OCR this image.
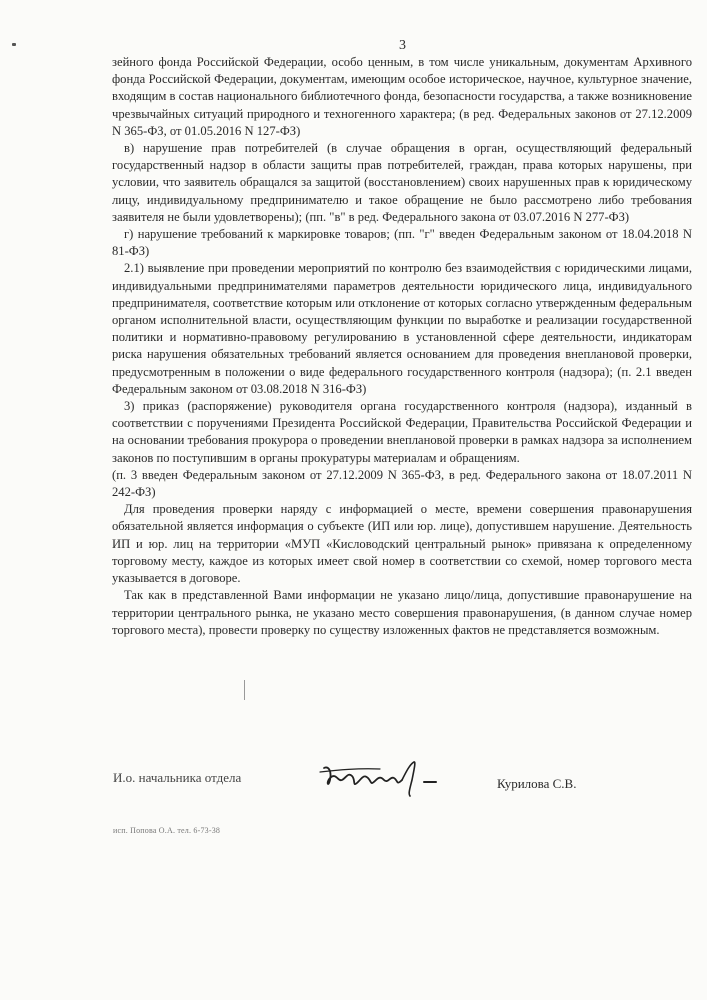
3

зейного фонда Российской Федерации, особо ценным, в том числе уникальным, документам Архивного фонда Российской Федерации, документам, имеющим особое историческое, научное, культурное значение, входящим в состав национального библиотечного фонда, безопасности государства, а также возникновение чрезвычайных ситуаций природного и техногенного характера; (в ред. Федеральных законов от 27.12.2009 N 365-ФЗ, от 01.05.2016 N 127-ФЗ)

в) нарушение прав потребителей (в случае обращения в орган, осуществляющий федеральный государственный надзор в области защиты прав потребителей, граждан, права которых нарушены, при условии, что заявитель обращался за защитой (восстановлением) своих нарушенных прав к юридическому лицу, индивидуальному предпринимателю и такое обращение не было рассмотрено либо требования заявителя не были удовлетворены); (пп. "в" в ред. Федерального закона от 03.07.2016 N 277-ФЗ)

г) нарушение требований к маркировке товаров; (пп. "г" введен Федеральным законом от 18.04.2018 N 81-ФЗ)

2.1) выявление при проведении мероприятий по контролю без взаимодействия с юридическими лицами, индивидуальными предпринимателями параметров деятельности юридического лица, индивидуального предпринимателя, соответствие которым или отклонение от которых согласно утвержденным федеральным органом исполнительной власти, осуществляющим функции по выработке и реализации государственной политики и нормативно-правовому регулированию в установленной сфере деятельности, индикаторам риска нарушения обязательных требований является основанием для проведения внеплановой проверки, предусмотренным в положении о виде федерального государственного контроля (надзора); (п. 2.1 введен Федеральным законом от 03.08.2018 N 316-ФЗ)

3) приказ (распоряжение) руководителя органа государственного контроля (надзора), изданный в соответствии с поручениями Президента Российской Федерации, Правительства Российской Федерации и на основании требования прокурора о проведении внеплановой проверки в рамках надзора за исполнением законов по поступившим в органы прокуратуры материалам и обращениям.

(п. 3 введен Федеральным законом от 27.12.2009 N 365-ФЗ, в ред. Федерального закона от 18.07.2011 N 242-ФЗ)

Для проведения проверки наряду с информацией о месте, времени совершения правонарушения обязательной является информация о субъекте (ИП или юр. лице), допустившем нарушение. Деятельность ИП и юр. лиц на территории «МУП «Кисловодский центральный рынок» привязана к определенному торговому месту, каждое из которых имеет свой номер в соответствии со схемой, номер торгового места указывается в договоре.

Так как в представленной Вами информации не указано лицо/лица, допустившие правонарушение на территории центрального рынка, не указано место совершения правонарушения, (в данном случае номер торгового места), провести проверку по существу изложенных фактов не представляется возможным.

И.о. начальника отдела	Курилова С.В.
исп. Попова О.А. тел. 6-73-38
